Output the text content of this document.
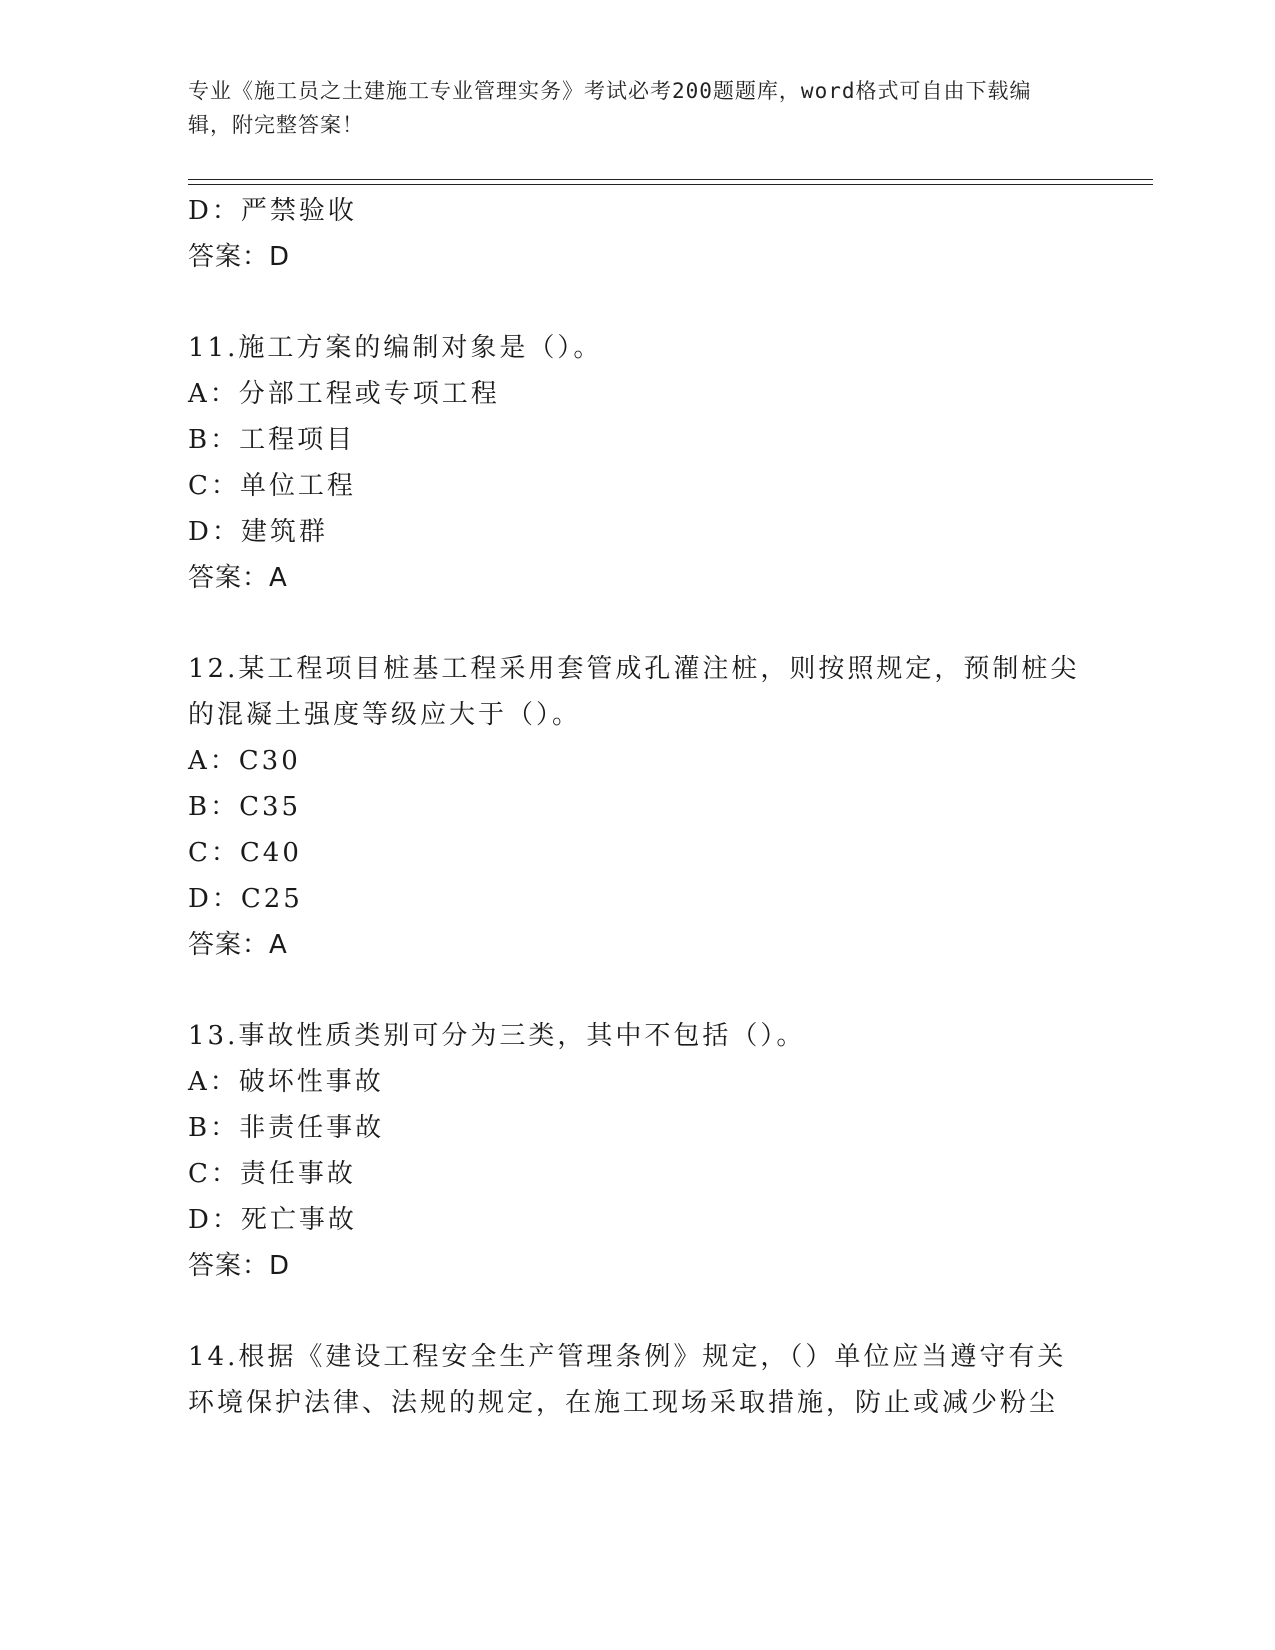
专业《施工员之土建施工专业管理实务》考试必考200题题库，word格式可自由下载编辑，附完整答案！
D：严禁验收
答案：D
11.施工方案的编制对象是（）。
A：分部工程或专项工程
B：工程项目
C：单位工程
D：建筑群
答案：A
12.某工程项目桩基工程采用套管成孔灌注桩，则按照规定，预制桩尖
的混凝土强度等级应大于（）。
A：C30
B：C35
C：C40
D：C25
答案：A
13.事故性质类别可分为三类，其中不包括（）。
A：破坏性事故
B：非责任事故
C：责任事故
D：死亡事故
答案：D
14.根据《建设工程安全生产管理条例》规定，（）单位应当遵守有关
环境保护法律、法规的规定，在施工现场采取措施，防止或减少粉尘
